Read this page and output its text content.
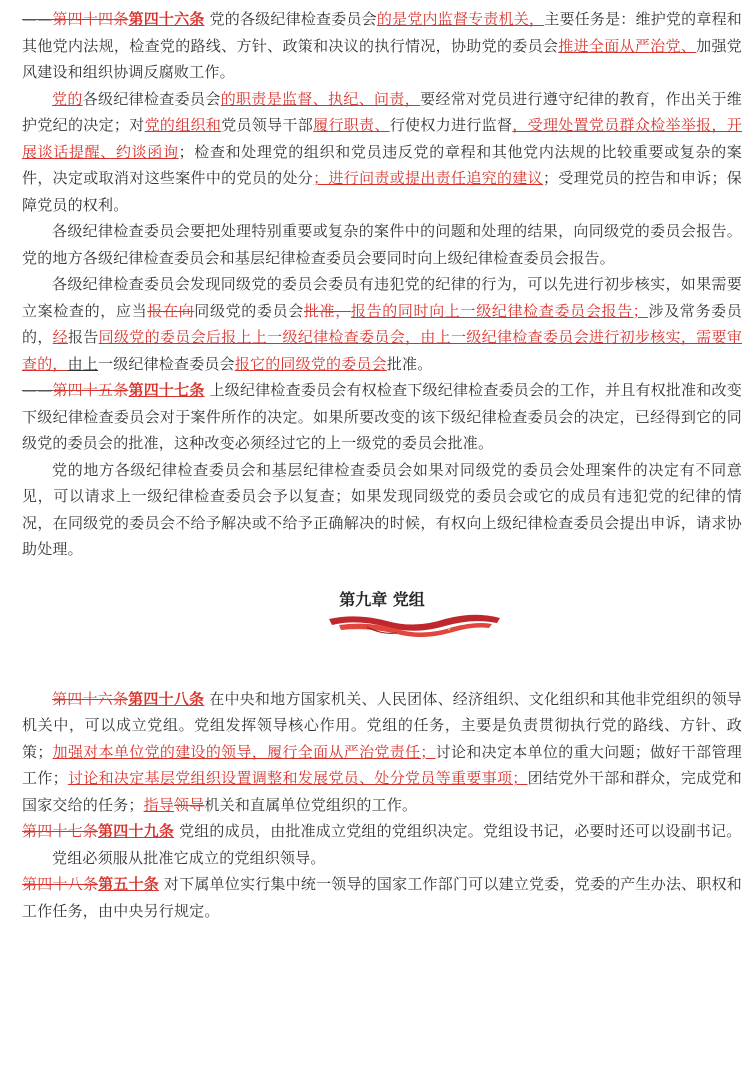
——第四十四条第四十六条 党的各级纪律检查委员会的是党内监督专责机关，主要任务是：维护党的章程和其他党内法规，检查党的路线、方针、政策和决议的执行情况，协助党的委员会推进全面从严治党、加强党风建设和组织协调反腐败工作。

党的各级纪律检查委员会的职责是监督、执纪、问责，要经常对党员进行遵守纪律的教育，作出关于维护党纪的决定；对党的组织和党员领导干部履行职责、行使权力进行监督，受理处置党员群众检举举报，开展谈话提醒、约谈函询；检查和处理党的组织和党员违反党的章程和其他党内法规的比较重要或复杂的案件，决定或取消对这些案件中的党员的处分；进行问责或提出责任追究的建议；受理党员的控告和申诉；保障党员的权利。

各级纪律检查委员会要把处理特别重要或复杂的案件中的问题和处理的结果，向同级党的委员会报告。党的地方各级纪律检查委员会和基层纪律检查委员会要同时向上级纪律检查委员会报告。

各级纪律检查委员会发现同级党的委员会委员有违犯党的纪律的行为，可以先进行初步核实，如果需要立案检查的，应当报在向同级党的委员会批准，报告的同时向上一级纪律检查委员会报告；涉及常务委员的，经报告同级党的委员会后报上上一级纪律检查委员会，由上一级纪律检查委员会进行初步核实，需要审查的，由上一级纪律检查委员会报它的同级党的委员会批准。

——第四十五条第四十七条 上级纪律检查委员会有权检查下级纪律检查委员会的工作，并且有权批准和改变下级纪律检查委员会对于案件所作的决定。如果所要改变的该下级纪律检查委员会的决定，已经得到它的同级党的委员会的批准，这种改变必须经过它的上一级党的委员会批准。

党的地方各级纪律检查委员会和基层纪律检查委员会如果对同级党的委员会处理案件的决定有不同意见，可以请求上一级纪律检查委员会予以复查；如果发现同级党的委员会或它的成员有违犯党的纪律的情况，在同级党的委员会不给予解决或不给予正确解决的时候，有权向上级纪律检查委员会提出申诉，请求协助处理。

第九章 党组

第四十六条第四十八条 在中央和地方国家机关、人民团体、经济组织、文化组织和其他非党组织的领导机关中，可以成立党组。党组发挥领导核心作用。党组的任务，主要是负责贯彻执行党的路线、方针、政策；加强对本单位党的建设的领导，履行全面从严治党责任；讨论和决定本单位的重大问题；做好干部管理工作；讨论和决定基层党组织设置调整和发展党员、处分党员等重要事项；团结党外干部和群众，完成党和国家交给的任务；指导领导机关和直属单位党组织的工作。

第四十七条第四十九条 党组的成员，由批准成立党组的党组织决定。党组设书记，必要时还可以设副书记。

党组必须服从批准它成立的党组织领导。

第四十八条第五十条 对下属单位实行集中统一领导的国家工作部门可以建立党委，党委的产生办法、职权和工作任务，由中央另行规定。
